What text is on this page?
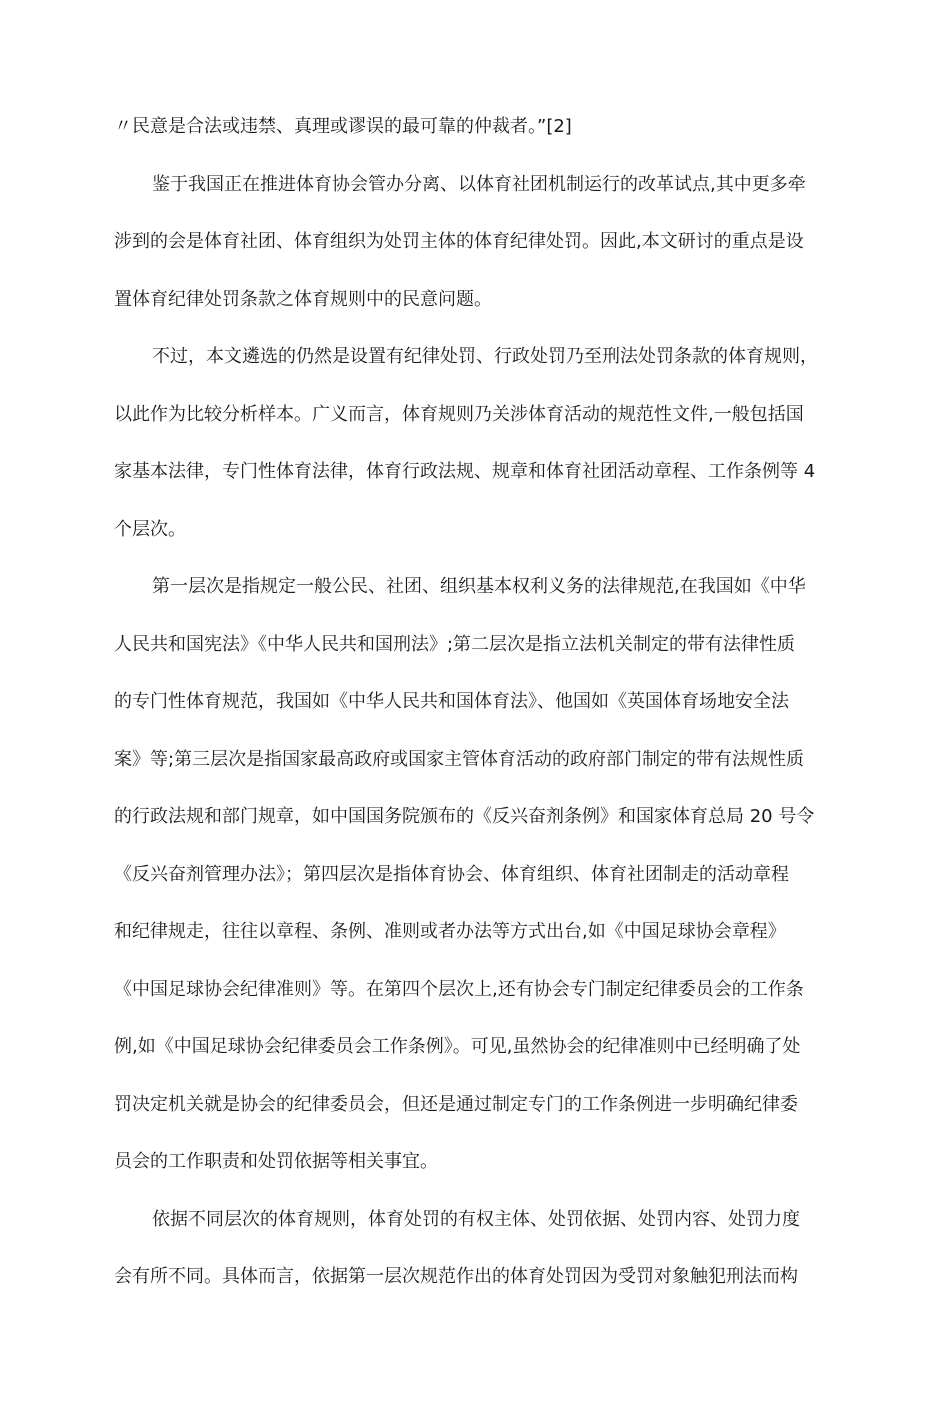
〃民意是合法或违禁、真理或谬误的最可靠的仲裁者。”[2]
鉴于我国正在推进体育协会管办分离、以体育社团机制运行的改革试点,其中更多牵
涉到的会是体育社团、体育组织为处罚主体的体育纪律处罚。因此,本文研讨的重点是设
置体育纪律处罚条款之体育规则中的民意问题。
不过，本文遴选的仍然是设置有纪律处罚、行政处罚乃至刑法处罚条款的体育规则，
以此作为比较分析样本。广义而言，体育规则乃关涉体育活动的规范性文件,一般包括国
家基本法律，专门性体育法律，体育行政法规、规章和体育社团活动章程、工作条例等 4
个层次。
第一层次是指规定一般公民、社团、组织基本权利义务的法律规范,在我国如《中华
人民共和国宪法》《中华人民共和国刑法》;第二层次是指立法机关制定的带有法律性质
的专门性体育规范，我国如《中华人民共和国体育法》、他国如《英国体育场地安全法
案》等;第三层次是指国家最高政府或国家主管体育活动的政府部门制定的带有法规性质
的行政法规和部门规章，如中国国务院颁布的《反兴奋剂条例》和国家体育总局 20 号令
《反兴奋剂管理办法》；第四层次是指体育协会、体育组织、体育社团制走的活动章程
和纪律规走，往往以章程、条例、准则或者办法等方式出台,如《中国足球协会章程》
《中国足球协会纪律准则》等。在第四个层次上,还有协会专门制定纪律委员会的工作条
例,如《中国足球协会纪律委员会工作条例》。可见,虽然协会的纪律准则中已经明确了处
罚决定机关就是协会的纪律委员会，但还是通过制定专门的工作条例进一步明确纪律委
员会的工作职责和处罚依据等相关事宜。
依据不同层次的体育规则，体育处罚的有权主体、处罚依据、处罚内容、处罚力度
会有所不同。具体而言，依据第一层次规范作出的体育处罚因为受罚对象触犯刑法而构
